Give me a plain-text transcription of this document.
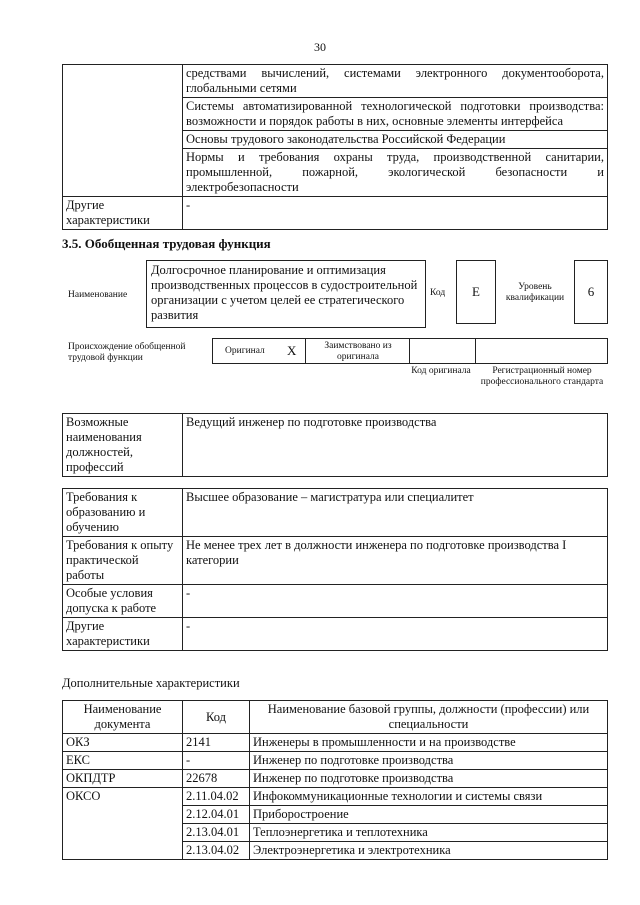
30
	средствами вычислений, системами электронного документооборота, глобальными сетями
	Системы автоматизированной технологической подготовки производства: возможности и порядок работы в них, основные элементы интерфейса
	Основы трудового законодательства Российской Федерации
	Нормы и требования охраны труда, производственной санитарии, промышленной, пожарной, экологической безопасности и электробезопасности
Другие характеристики	-
3.5. Обобщенная трудовая функция
Наименование
Долгосрочное планирование и оптимизация производственных процессов в судостроительной организации с учетом целей ее стратегического развития
Код	E	Уровень квалификации	6
Происхождение обобщенной трудовой функции
Оригинал X	Заимствовано из оригинала
Код оригинала	Регистрационный номер профессионального стандарта
Возможные наименования должностей, профессий	Ведущий инженер по подготовке производства
Требования к образованию и обучению	Высшее образование – магистратура или специалитет
Требования к опыту практической работы	Не менее трех лет в должности инженера по подготовке производства I категории
Особые условия допуска к работе	-
Другие характеристики	-
Дополнительные характеристики
Наименование документа	Код	Наименование базовой группы, должности (профессии) или специальности
ОКЗ	2141	Инженеры в промышленности и на производстве
ЕКС	-	Инженер по подготовке производства
ОКПДТР	22678	Инженер по подготовке производства
ОКСО	2.11.04.02	Инфокоммуникационные технологии и системы связи
	2.12.04.01	Приборостроение
	2.13.04.01	Теплоэнергетика и теплотехника
	2.13.04.02	Электроэнергетика и электротехника
